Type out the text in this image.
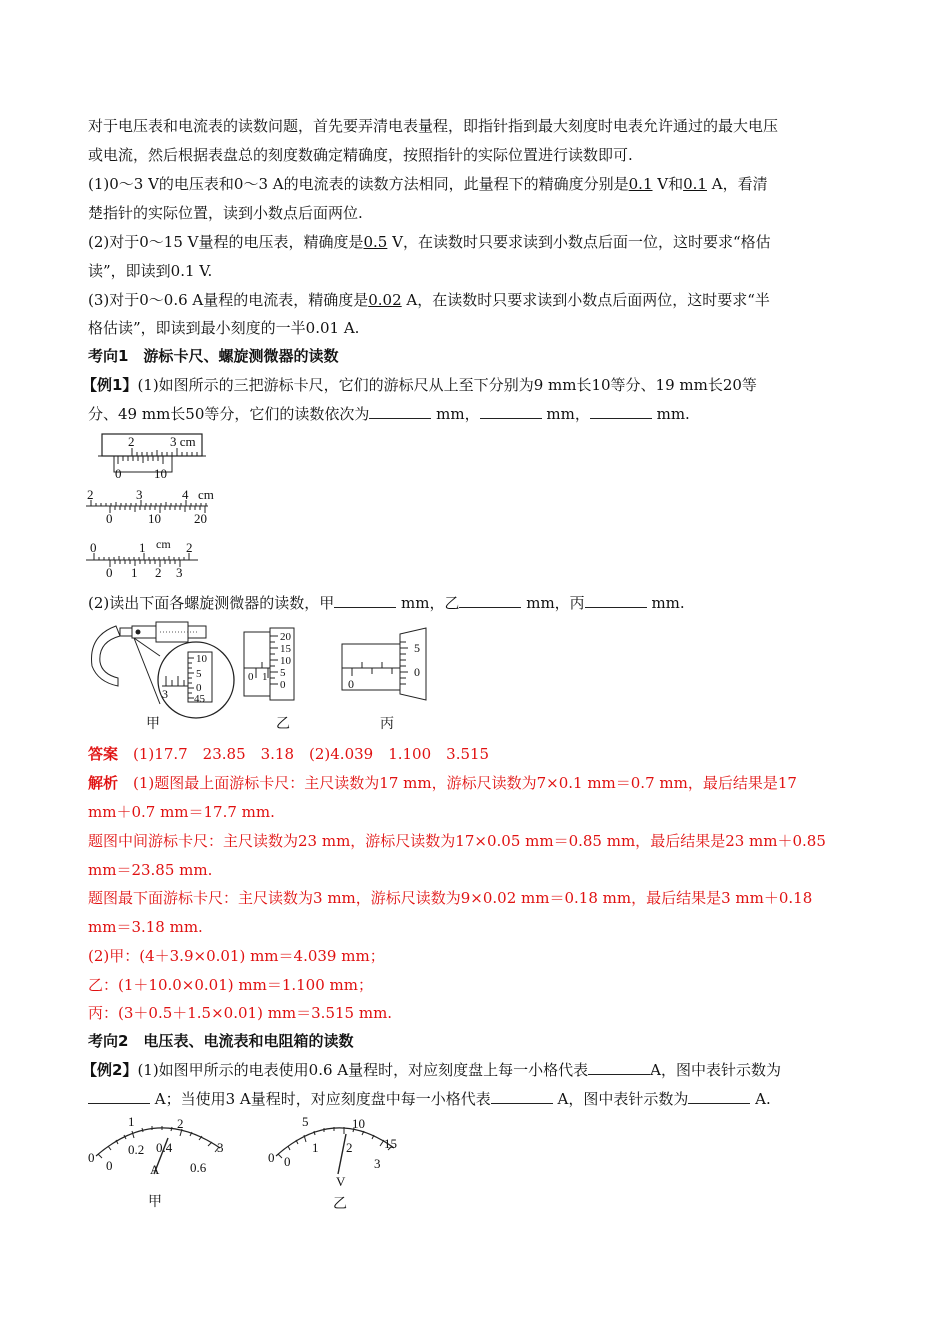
对于电压表和电流表的读数问题，首先要弄清电表量程，即指针指到最大刻度时电表允许通过的最大电压
或电流，然后根据表盘总的刻度数确定精确度，按照指针的实际位置进行读数即可.
(1)0～3 V的电压表和0～3 A的电流表的读数方法相同，此量程下的精确度分别是0.1 V和0.1 A，看清
楚指针的实际位置，读到小数点后面两位.
(2)对于0～15 V量程的电压表，精确度是0.5 V，在读数时只要求读到小数点后面一位，这时要求“格估
读”，即读到0.1 V.
(3)对于0～0.6 A量程的电流表，精确度是0.02 A，在读数时只要求读到小数点后面两位，这时要求“半
格估读”，即读到最小刻度的一半0.01 A.
考向1　游标卡尺、螺旋测微器的读数
【例1】(1)如图所示的三把游标卡尺，它们的游标尺从上至下分别为9 mm长10等分、19 mm长20等
分、49 mm长50等分，它们的读数依次为	mm，	mm，	mm.
2	3 cm
0	10
2	3	4 cm
0	10	20
0	1 cm 2
0 1 2 3
(2)读出下面各螺旋测微器的读数，甲	mm，乙	mm，丙	mm.
3
10
5
0
45
甲
0 1
20
15
10
5
0
乙
0
5
0
丙
答案　 (1)17.7　23.85　3.18　(2)4.039　1.100　3.515
解析　 (1)题图最上面游标卡尺：主尺读数为17 mm，游标尺读数为7×0.1 mm＝0.7 mm，最后结果是17
mm＋0.7 mm＝17.7 mm.
题图中间游标卡尺：主尺读数为23 mm，游标尺读数为17×0.05 mm＝0.85 mm，最后结果是23 mm＋0.85
mm＝23.85 mm.
题图最下面游标卡尺：主尺读数为3 mm，游标尺读数为9×0.02 mm＝0.18 mm，最后结果是3 mm＋0.18
mm＝3.18 mm.
(2)甲：(4＋3.9×0.01) mm＝4.039 mm；
乙：(1＋10.0×0.01) mm＝1.100 mm；
丙：(3＋0.5＋1.5×0.01) mm＝3.515 mm.
考向2　电压表、电流表和电阻箱的读数
【例2】(1)如图甲所示的电表使用0.6 A量程时，对应刻度盘上每一小格代表	A，图中表针示数为
A；当使用3 A量程时，对应刻度盘中每一小格代表	A，图中表针示数为	A.
0
1	2
3
0
0.2 0.4
0.6
A
甲
0
5	10
15
0
1 2
3
V
乙
